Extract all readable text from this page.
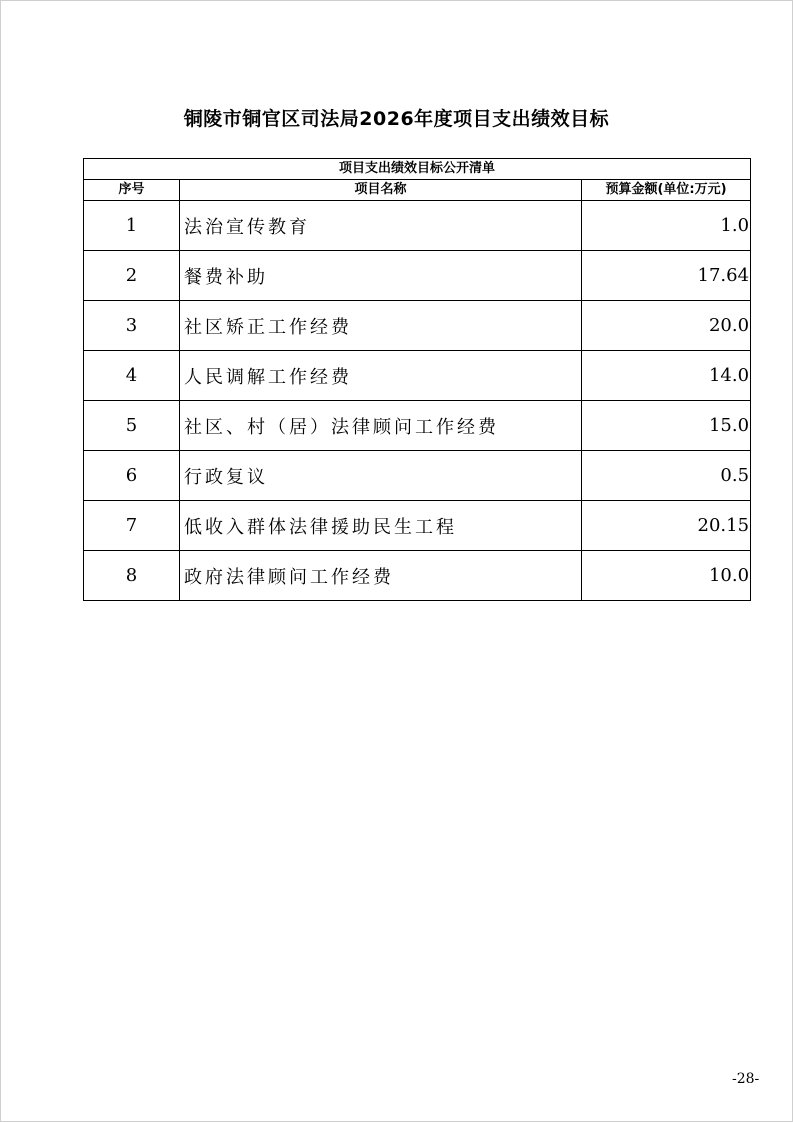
铜陵市铜官区司法局2026年度项目支出绩效目标
项目支出绩效目标公开清单		
序号	项目名称	预算金额(单位:万元)
1	法治宣传教育	1.0
2	餐费补助	17.64
3	社区矫正工作经费	20.0
4	人民调解工作经费	14.0
5	社区、村（居）法律顾问工作经费	15.0
6	行政复议	0.5
7	低收入群体法律援助民生工程	20.15
8	政府法律顾问工作经费	10.0
-28-
